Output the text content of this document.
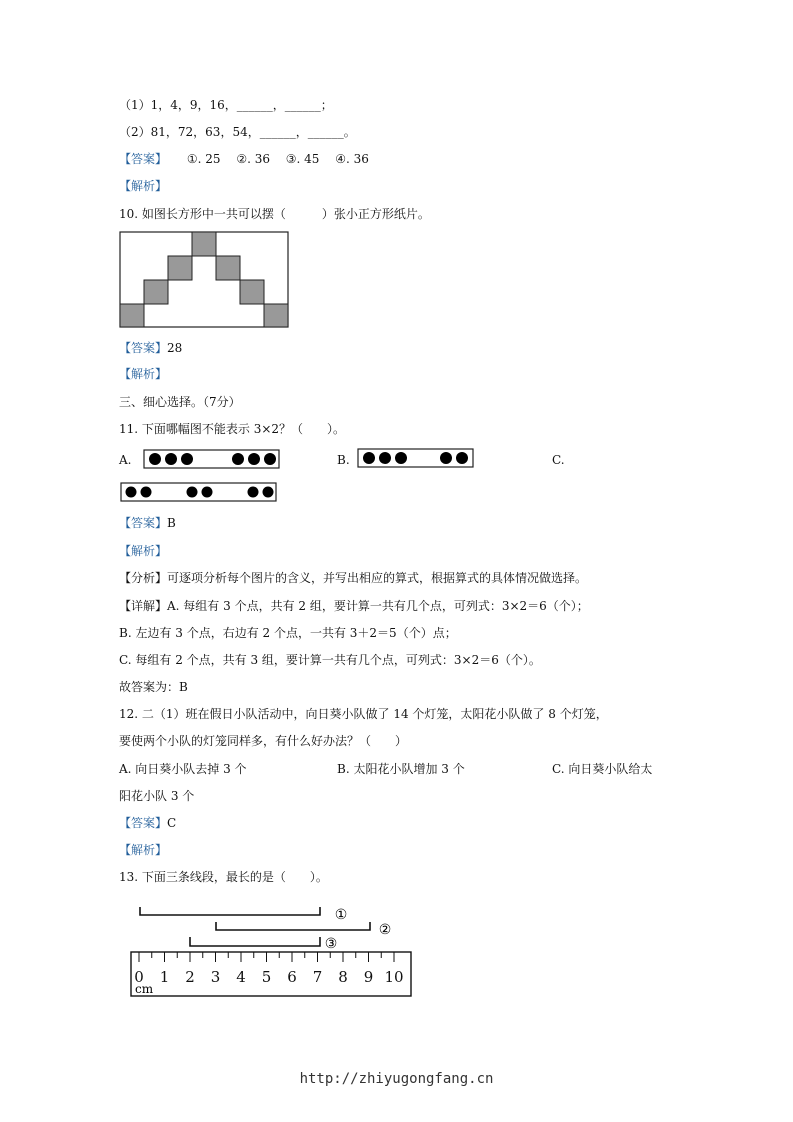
（1）1，4，9，16，______，______；
（2）81，72，63，54，______，______。
【答案】 ①. 25　 ②. 36　 ③. 45　 ④. 36
【解析】
10. 如图长方形中一共可以摆（　　　）张小正方形纸片。
【答案】28
【解析】
三、细心选择。（7分）
11. 下面哪幅图不能表示 3×2？（　　）。
A.	B.	C.
【答案】B
【解析】
【分析】可逐项分析每个图片的含义，并写出相应的算式，根据算式的具体情况做选择。
【详解】A. 每组有 3 个点，共有 2 组，要计算一共有几个点，可列式：3×2＝6（个）；
B. 左边有 3 个点，右边有 2 个点，一共有 3＋2＝5（个）点；
C. 每组有 2 个点，共有 3 组，要计算一共有几个点，可列式：3×2＝6（个）。
故答案为：B
12. 二（1）班在假日小队活动中，向日葵小队做了 14 个灯笼，太阳花小队做了 8 个灯笼，
要使两个小队的灯笼同样多，有什么好办法？（　　）
A. 向日葵小队去掉 3 个	B. 太阳花小队增加 3 个	C. 向日葵小队给太
阳花小队 3 个
【答案】C
【解析】
13. 下面三条线段，最长的是（　　）。
①
②
③
0 1 2 3 4 5 6 7 8 9 10
cm
http://zhiyugongfang.cn
